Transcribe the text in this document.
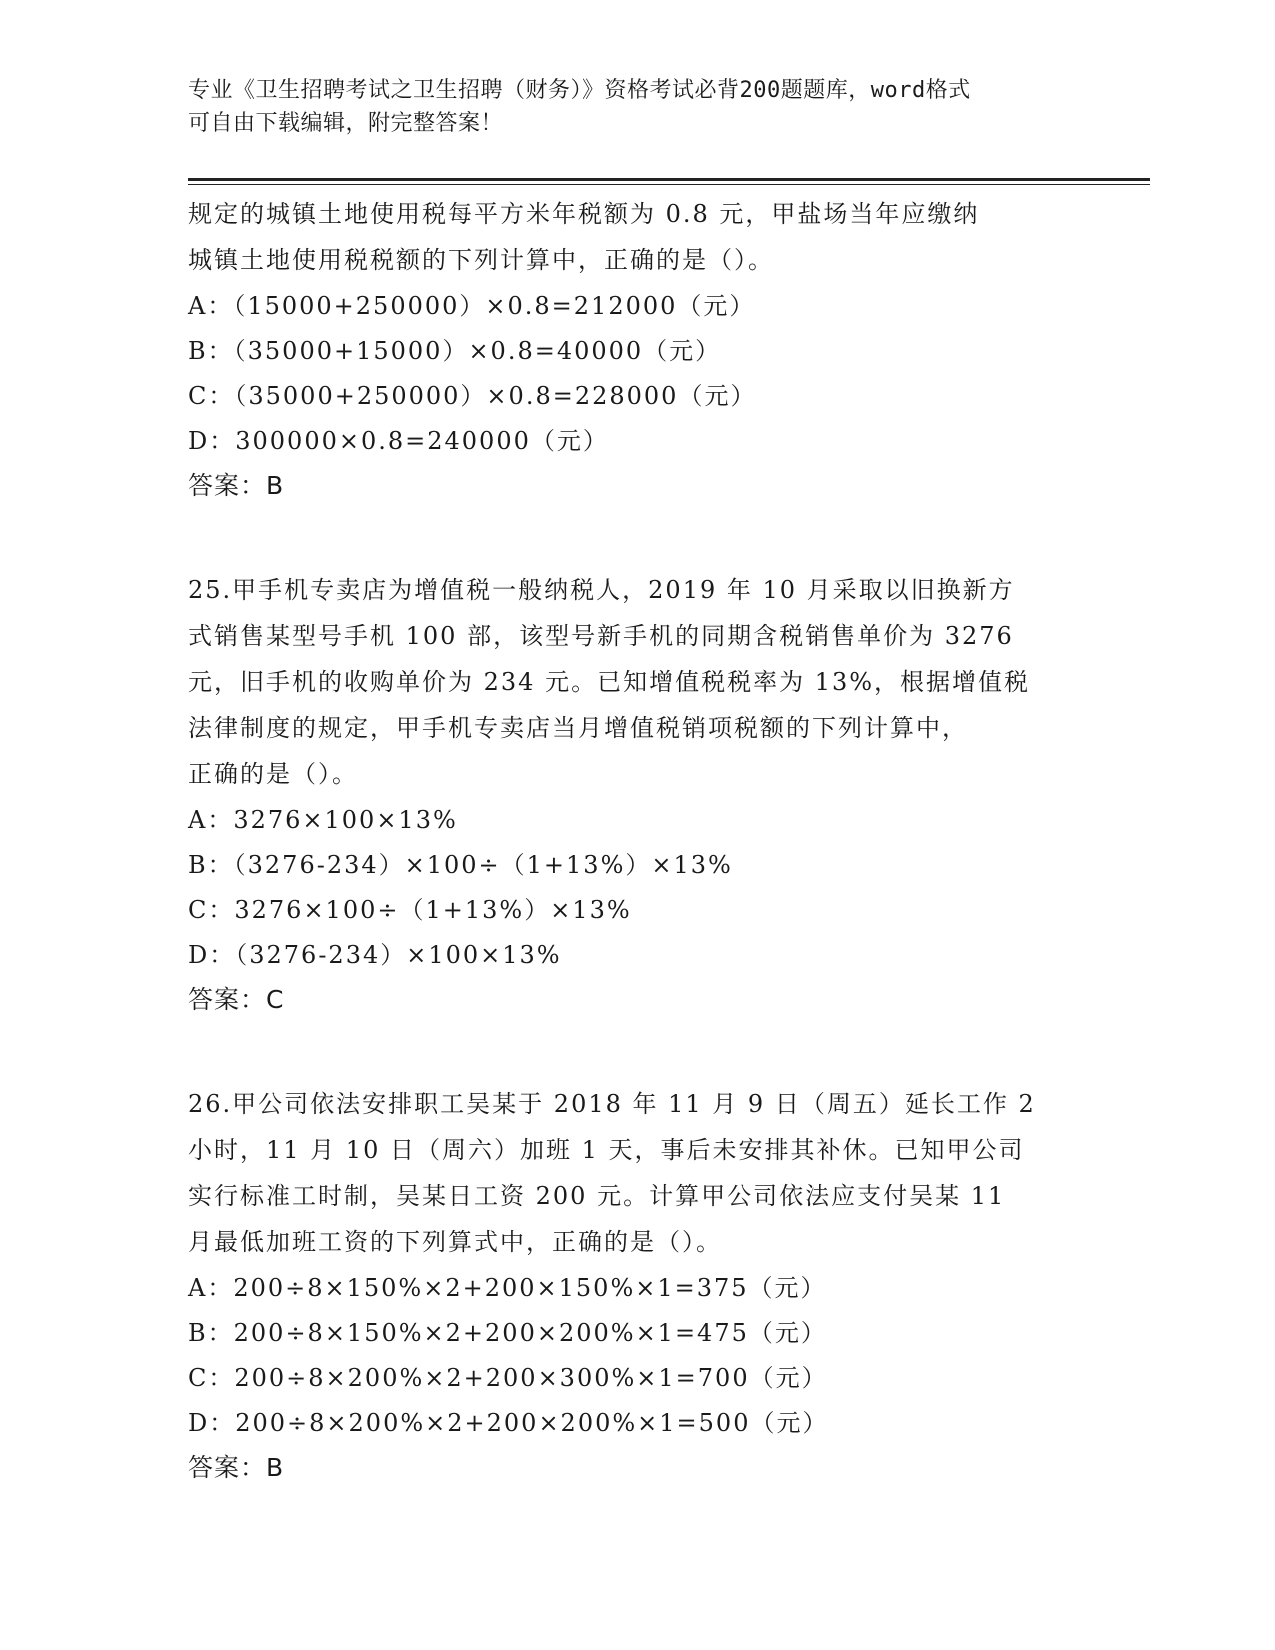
专业《卫生招聘考试之卫生招聘（财务）》资格考试必背200题题库，word格式
可自由下载编辑，附完整答案！
规定的城镇土地使用税每平方米年税额为 0.8 元，甲盐场当年应缴纳
城镇土地使用税税额的下列计算中，正确的是（）。
A：（15000+250000）×0.8=212000（元）
B：（35000+15000）×0.8=40000（元）
C：（35000+250000）×0.8=228000（元）
D：300000×0.8=240000（元）
答案：B
25.甲手机专卖店为增值税一般纳税人，2019 年 10 月采取以旧换新方
式销售某型号手机 100 部，该型号新手机的同期含税销售单价为 3276
元，旧手机的收购单价为 234 元。已知增值税税率为 13%，根据增值税
法律制度的规定，甲手机专卖店当月增值税销项税额的下列计算中，
正确的是（）。
A：3276×100×13%
B：（3276-234）×100÷（1+13%）×13%
C：3276×100÷（1+13%）×13%
D：（3276-234）×100×13%
答案：C
26.甲公司依法安排职工吴某于 2018 年 11 月 9 日（周五）延长工作 2
小时，11 月 10 日（周六）加班 1 天，事后未安排其补休。已知甲公司
实行标准工时制，吴某日工资 200 元。计算甲公司依法应支付吴某 11
月最低加班工资的下列算式中，正确的是（）。
A：200÷8×150%×2+200×150%×1=375（元）
B：200÷8×150%×2+200×200%×1=475（元）
C：200÷8×200%×2+200×300%×1=700（元）
D：200÷8×200%×2+200×200%×1=500（元）
答案：B
